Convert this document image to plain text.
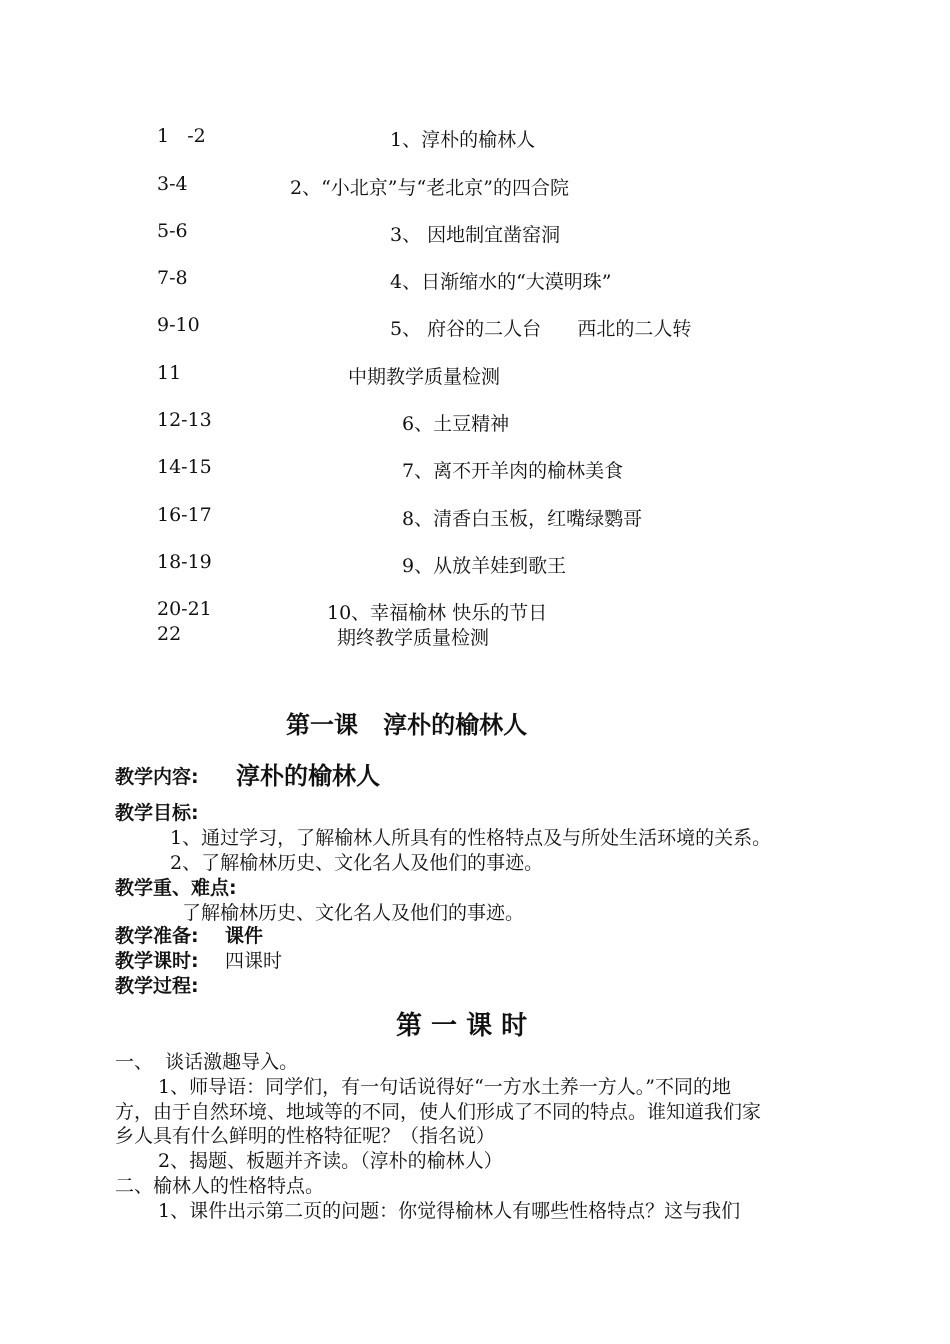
1   -2	1、淳朴的榆林人
3-4	2、“小北京”与“老北京”的四合院
5-6	3、 因地制宜凿窑洞
7-8	4、日渐缩水的“大漠明珠”
9-10	5、 府谷的二人台      西北的二人转
11	中期教学质量检测
12-13	6、土豆精神
14-15	7、离不开羊肉的榆林美食
16-17	8、清香白玉板，红嘴绿鹦哥
18-19	9、从放羊娃到歌王
20-21	10、幸福榆林 快乐的节日
22	期终教学质量检测
第一课   淳朴的榆林人
教学内容: 淳朴的榆林人
教学目标:
1、通过学习，了解榆林人所具有的性格特点及与所处生活环境的关系。
2、了解榆林历史、文化名人及他们的事迹。
教学重、难点:
了解榆林历史、文化名人及他们的事迹。
教学准备: 课件
教学课时: 四课时
教学过程:
第 一 课 时
一、  谈话激趣导入。
1、师导语：同学们，有一句话说得好“一方水土养一方人。”不同的地
方，由于自然环境、地域等的不同，使人们形成了不同的特点。谁知道我们家
乡人具有什么鲜明的性格特征呢？（指名说）
2、揭题、板题并齐读。（淳朴的榆林人）
二、榆林人的性格特点。
1、课件出示第二页的问题：你觉得榆林人有哪些性格特点？这与我们
